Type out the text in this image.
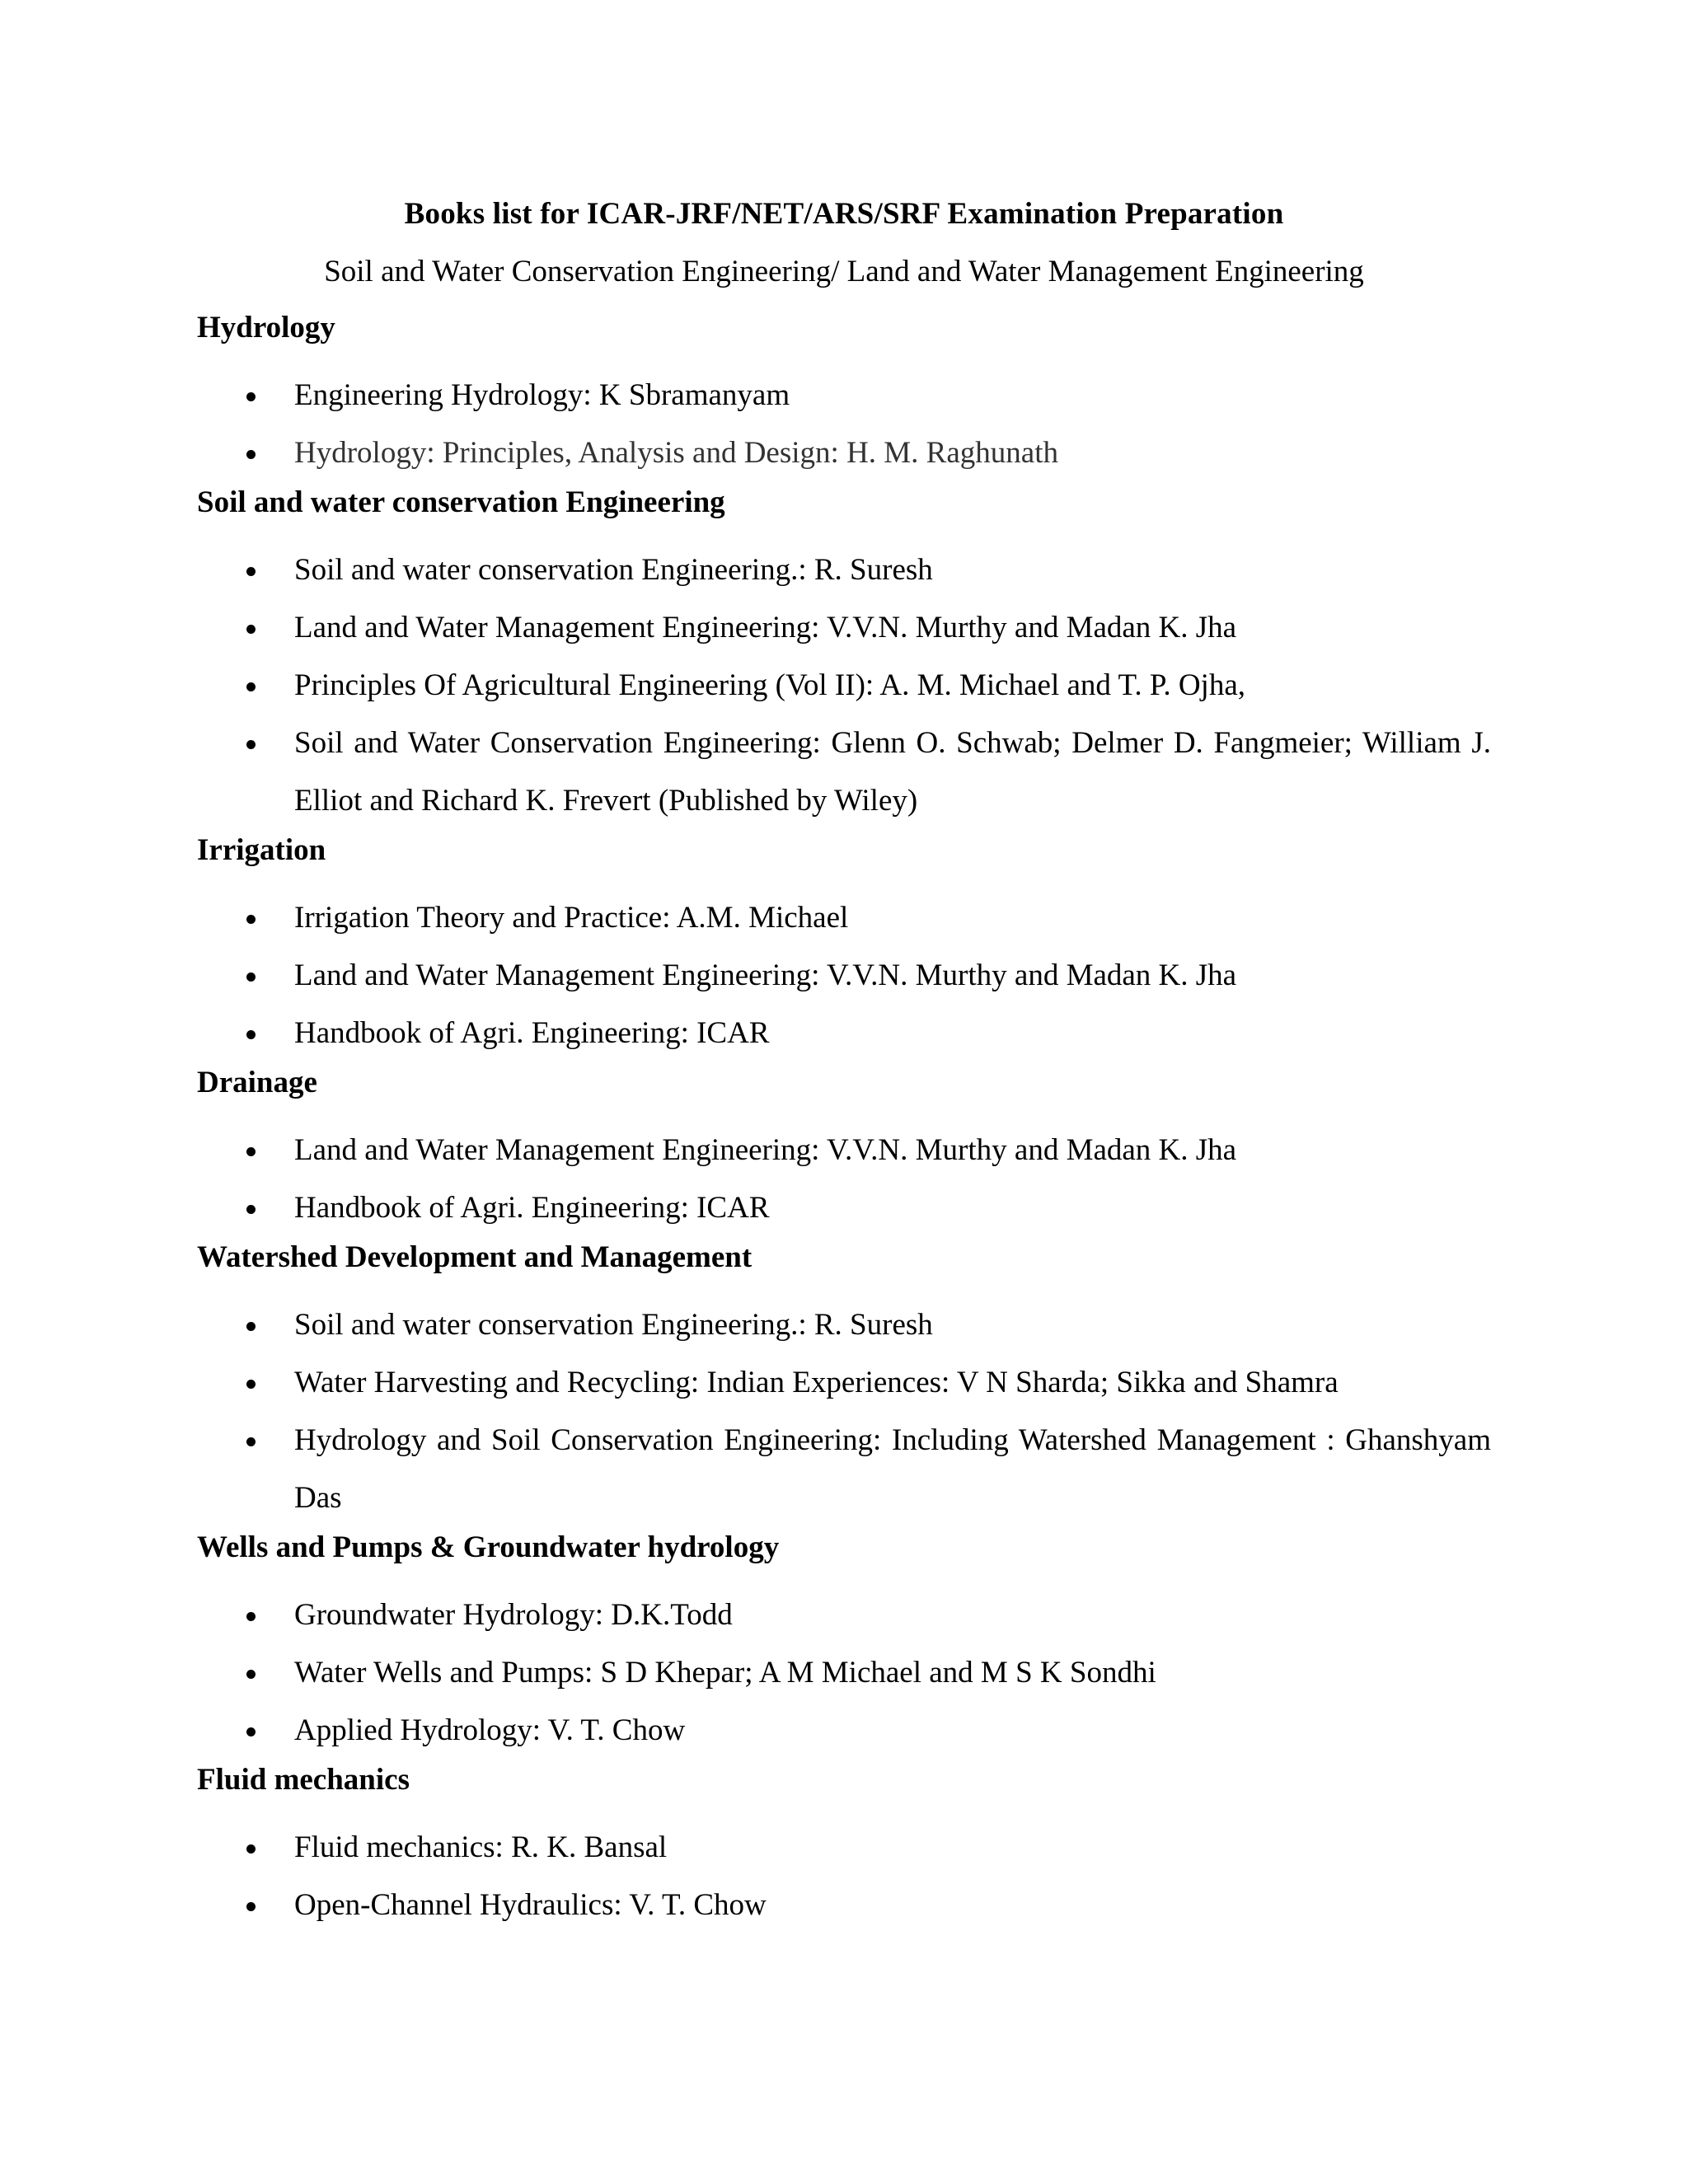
Books list for ICAR-JRF/NET/ARS/SRF Examination Preparation
Soil and Water Conservation Engineering/ Land and Water Management Engineering
Hydrology
Engineering Hydrology: K Sbramanyam
Hydrology: Principles, Analysis and Design: H. M. Raghunath
Soil and water conservation Engineering
Soil and water conservation Engineering.: R. Suresh
Land and Water Management Engineering: V.V.N. Murthy and Madan K. Jha
Principles Of Agricultural Engineering (Vol II): A. M. Michael and T. P. Ojha,
Soil and Water Conservation Engineering: Glenn O. Schwab; Delmer D. Fangmeier; William J. Elliot and Richard K. Frevert (Published by Wiley)
Irrigation
Irrigation Theory and Practice: A.M. Michael
Land and Water Management Engineering: V.V.N. Murthy and Madan K. Jha
Handbook of Agri. Engineering: ICAR
Drainage
Land and Water Management Engineering: V.V.N. Murthy and Madan K. Jha
Handbook of Agri. Engineering: ICAR
Watershed Development and Management
Soil and water conservation Engineering.: R. Suresh
Water Harvesting and Recycling: Indian Experiences: V N Sharda; Sikka and Shamra
Hydrology and Soil Conservation Engineering: Including Watershed Management : Ghanshyam Das
Wells and Pumps & Groundwater hydrology
Groundwater Hydrology: D.K.Todd
Water Wells and Pumps: S D Khepar; A M Michael and M S K Sondhi
Applied Hydrology: V. T. Chow
Fluid mechanics
Fluid mechanics: R. K. Bansal
Open-Channel Hydraulics: V. T. Chow
